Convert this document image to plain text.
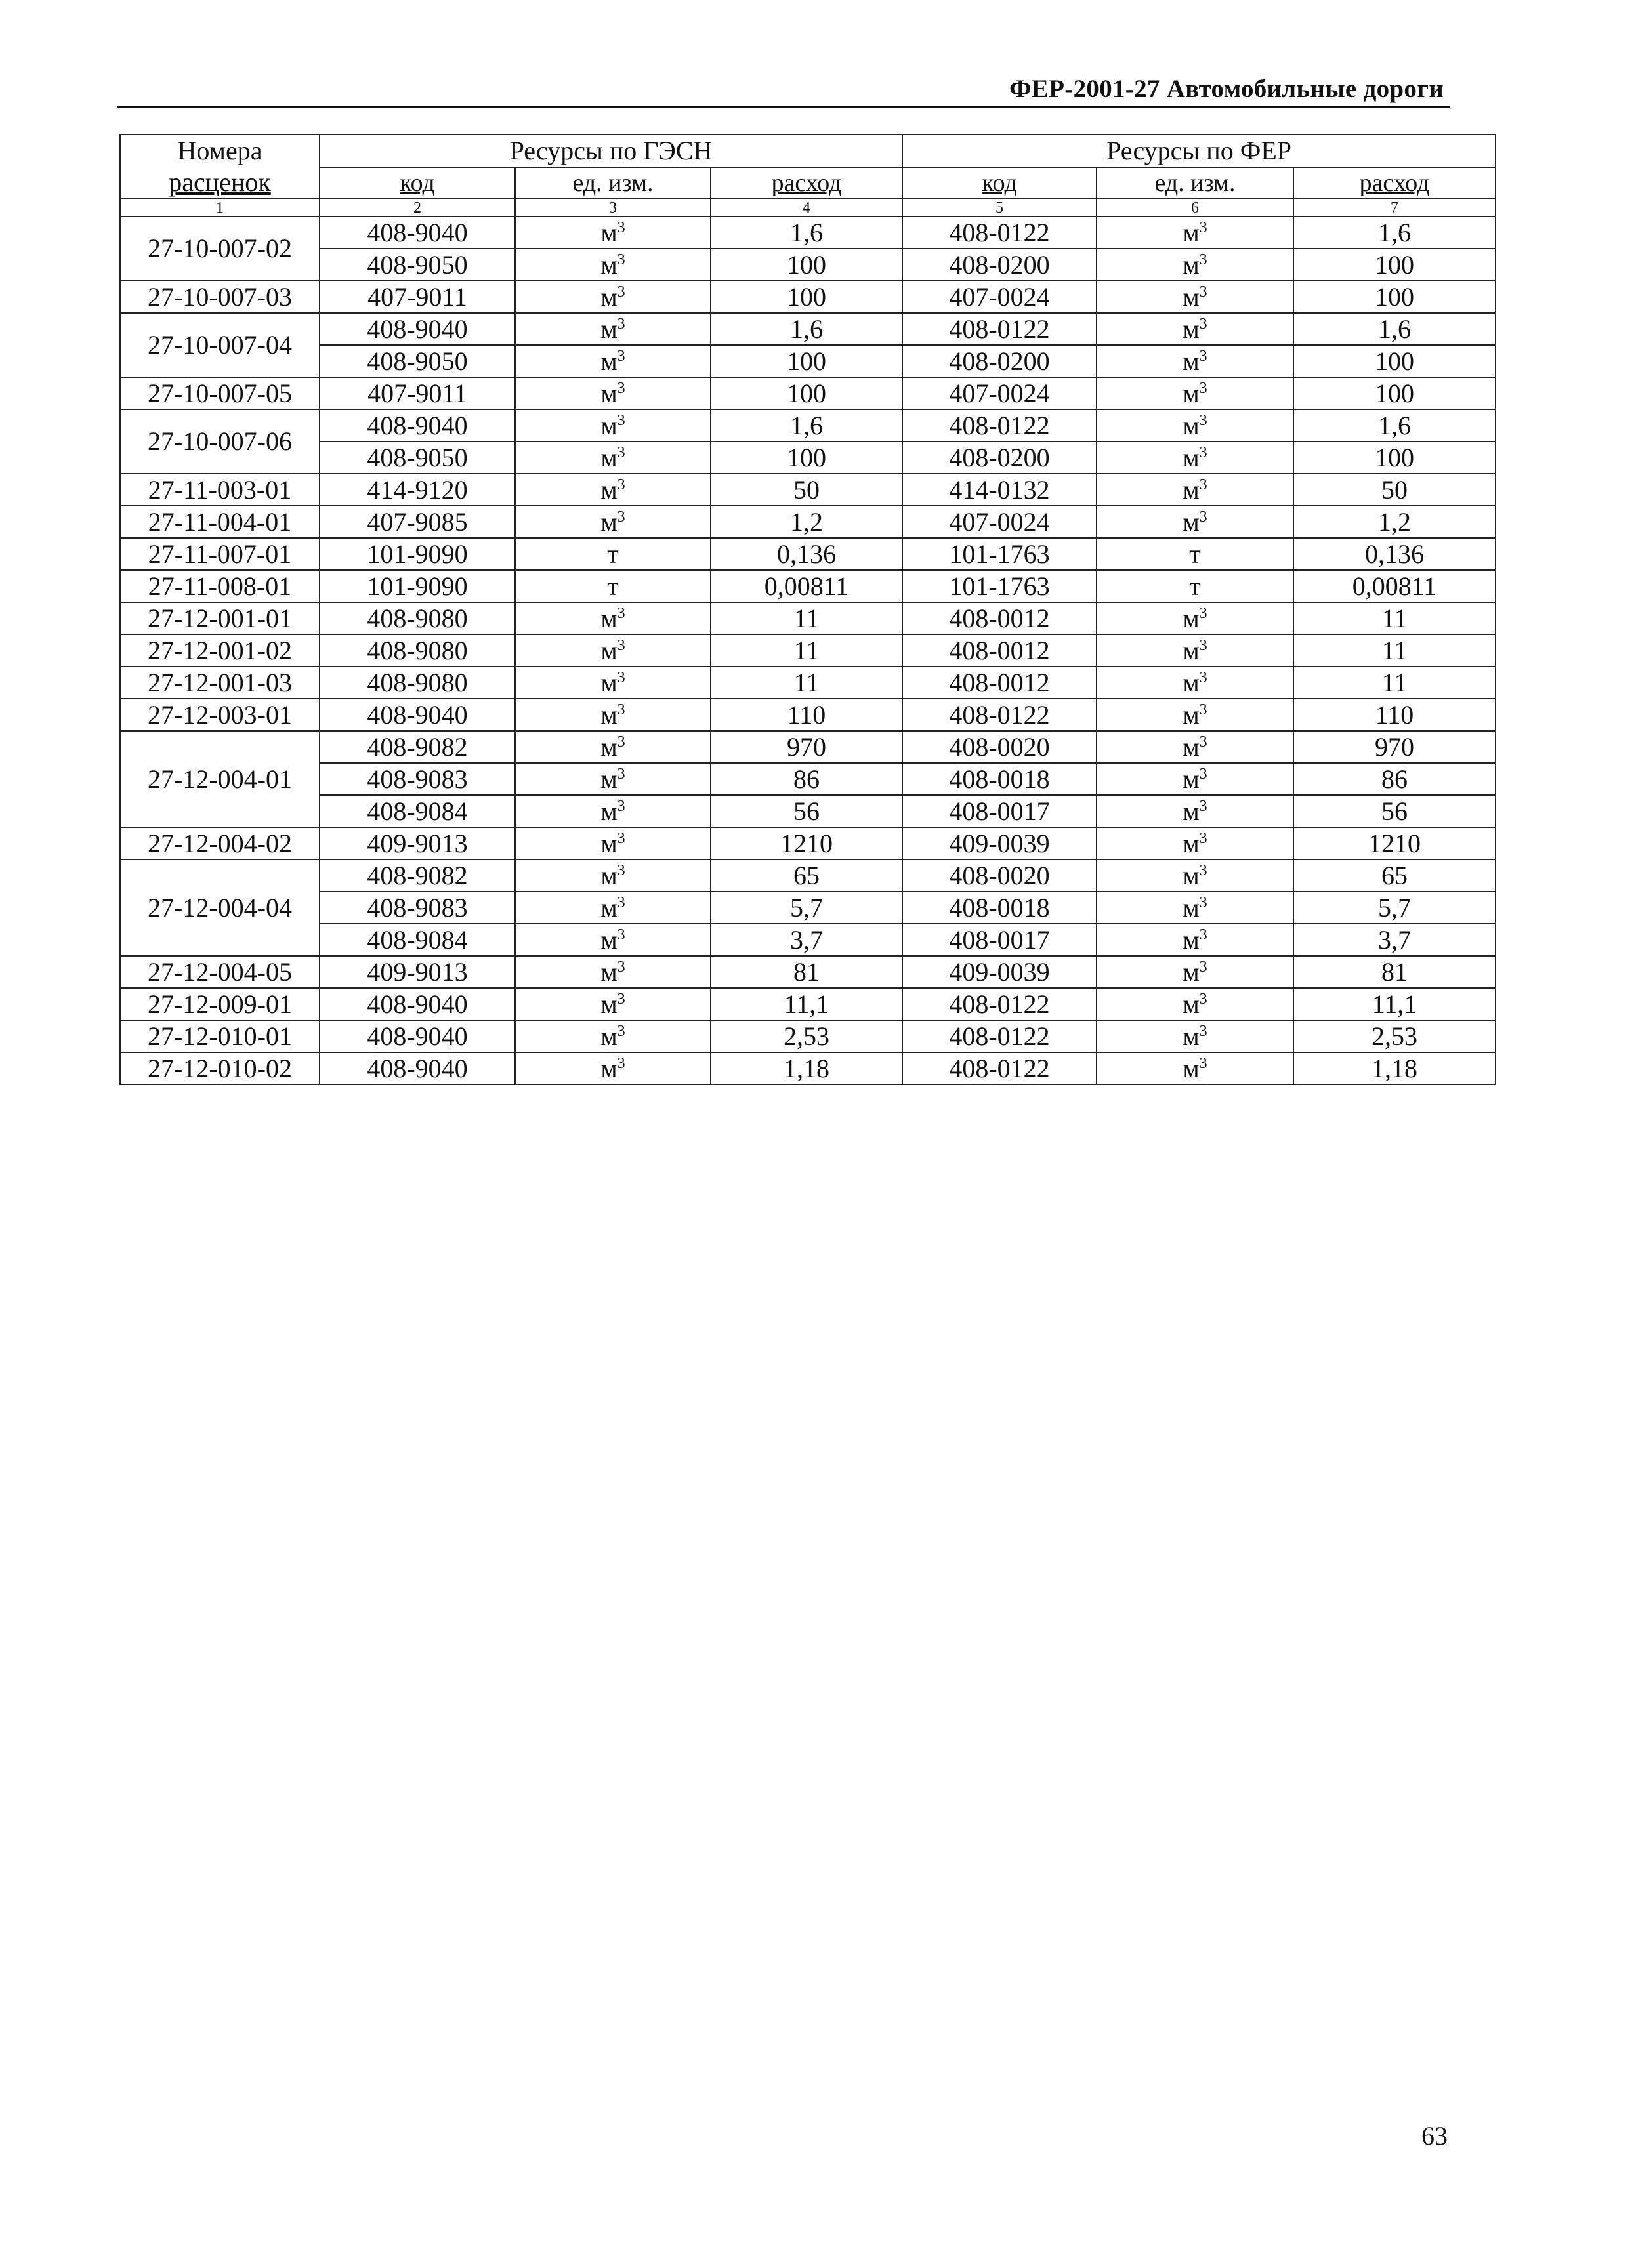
ФЕР-2001-27 Автомобильные дороги
Номера
расценок	Ресурсы по ГЭСН			Ресурсы по ФЕР		
	код	ед. изм.	расход	код	ед. изм.	расход
1	2	3	4	5	6	7
27-10-007-02	408-9040	$м^3$	1,6	408-0122	$м^3$	1,6
	408-9050	$м^3$	100	408-0200	$м^3$	100
27-10-007-03	407-9011	$м^3$	100	407-0024	$м^3$	100
27-10-007-04	408-9040	$м^3$	1,6	408-0122	$м^3$	1,6
	408-9050	$м^3$	100	408-0200	$м^3$	100
27-10-007-05	407-9011	$м^3$	100	407-0024	$м^3$	100
27-10-007-06	408-9040	$м^3$	1,6	408-0122	$м^3$	1,6
	408-9050	$м^3$	100	408-0200	$м^3$	100
27-11-003-01	414-9120	$м^3$	50	414-0132	$м^3$	50
27-11-004-01	407-9085	$м^3$	1,2	407-0024	$м^3$	1,2
27-11-007-01	101-9090	т	0,136	101-1763	т	0,136
27-11-008-01	101-9090	т	0,00811	101-1763	т	0,00811
27-12-001-01	408-9080	$м^3$	11	408-0012	$м^3$	11
27-12-001-02	408-9080	$м^3$	11	408-0012	$м^3$	11
27-12-001-03	408-9080	$м^3$	11	408-0012	$м^3$	11
27-12-003-01	408-9040	$м^3$	110	408-0122	$м^3$	110
27-12-004-01	408-9082	$м^3$	970	408-0020	$м^3$	970
	408-9083	$м^3$	86	408-0018	$м^3$	86
	408-9084	$м^3$	56	408-0017	$м^3$	56
27-12-004-02	409-9013	$м^3$	1210	409-0039	$м^3$	1210
27-12-004-04	408-9082	$м^3$	65	408-0020	$м^3$	65
	408-9083	$м^3$	5,7	408-0018	$м^3$	5,7
	408-9084	$м^3$	3,7	408-0017	$м^3$	3,7
27-12-004-05	409-9013	$м^3$	81	409-0039	$м^3$	81
27-12-009-01	408-9040	$м^3$	11,1	408-0122	$м^3$	11,1
27-12-010-01	408-9040	$м^3$	2,53	408-0122	$м^3$	2,53
27-12-010-02	408-9040	$м^3$	1,18	408-0122	$м^3$	1,18
63
